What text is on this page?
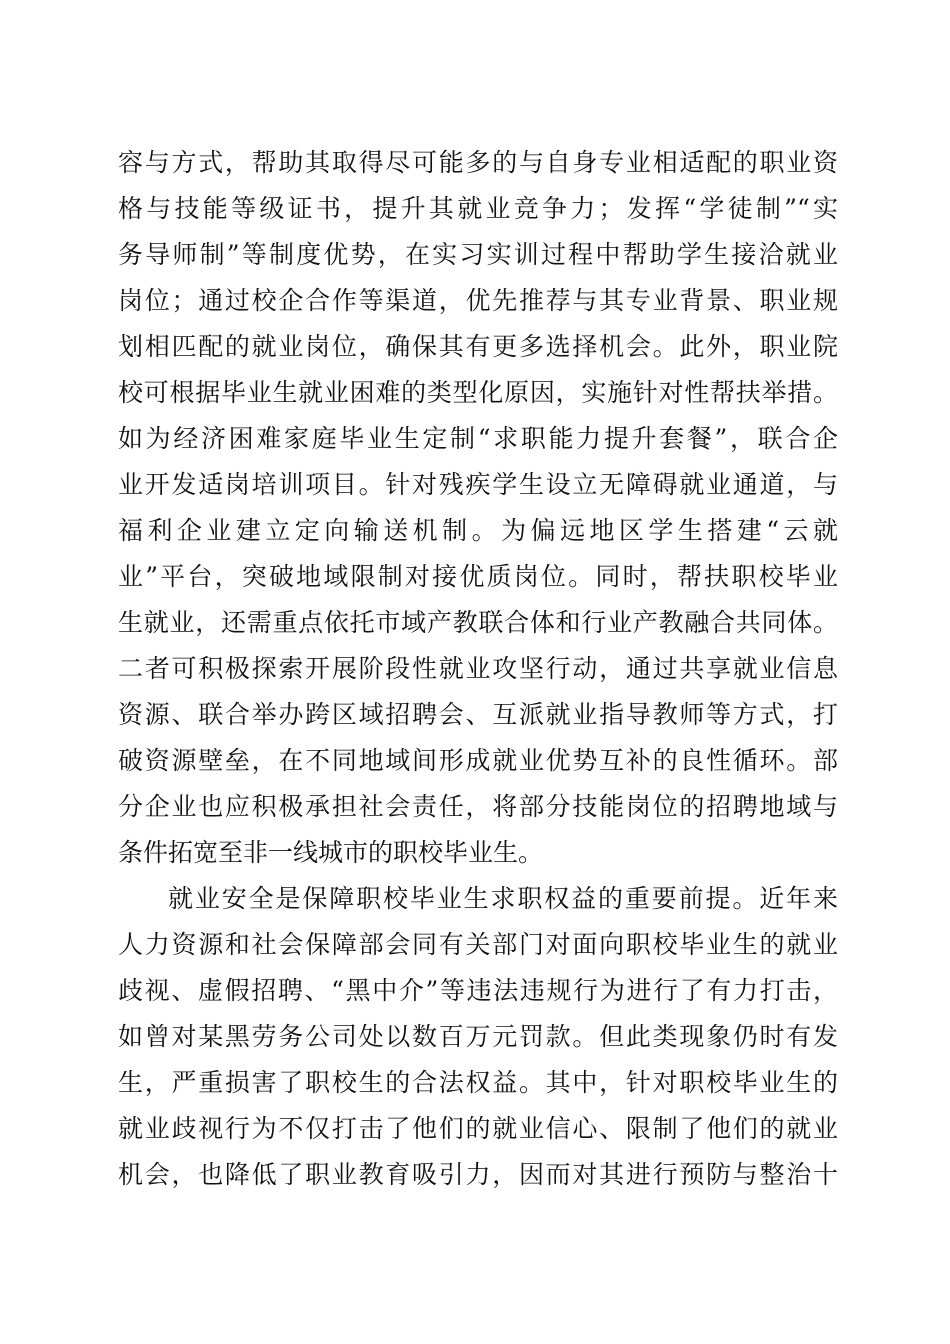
容与方式，帮助其取得尽可能多的与自身专业相适配的职业资
格与技能等级证书，提升其就业竞争力；发挥“学徒制”“实
务导师制”等制度优势，在实习实训过程中帮助学生接洽就业
岗位；通过校企合作等渠道，优先推荐与其专业背景、职业规
划相匹配的就业岗位，确保其有更多选择机会。此外，职业院
校可根据毕业生就业困难的类型化原因，实施针对性帮扶举措。
如为经济困难家庭毕业生定制“求职能力提升套餐”，联合企
业开发适岗培训项目。针对残疾学生设立无障碍就业通道，与
福利企业建立定向输送机制。为偏远地区学生搭建“云就
业”平台，突破地域限制对接优质岗位。同时，帮扶职校毕业
生就业，还需重点依托市域产教联合体和行业产教融合共同体。
二者可积极探索开展阶段性就业攻坚行动，通过共享就业信息
资源、联合举办跨区域招聘会、互派就业指导教师等方式，打
破资源壁垒，在不同地域间形成就业优势互补的良性循环。部
分企业也应积极承担社会责任，将部分技能岗位的招聘地域与
条件拓宽至非一线城市的职校毕业生。
就业安全是保障职校毕业生求职权益的重要前提。近年来
人力资源和社会保障部会同有关部门对面向职校毕业生的就业
歧视、虚假招聘、“黑中介”等违法违规行为进行了有力打击，
如曾对某黑劳务公司处以数百万元罚款。但此类现象仍时有发
生，严重损害了职校生的合法权益。其中，针对职校毕业生的
就业歧视行为不仅打击了他们的就业信心、限制了他们的就业
机会，也降低了职业教育吸引力，因而对其进行预防与整治十
